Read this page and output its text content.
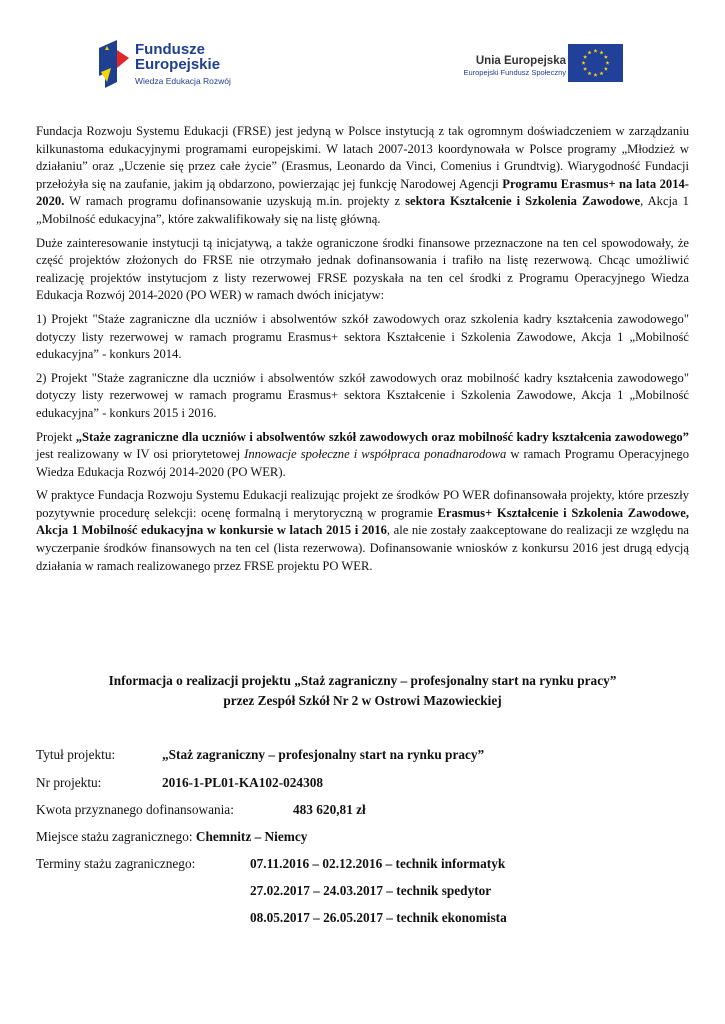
Fundusze
Europejskie
Wiedza Edukacja Rozwój
Unia Europejska
Europejski Fundusz Społeczny

Fundacja Rozwoju Systemu Edukacji (FRSE) jest jedyną w Polsce instytucją z tak ogromnym doświadczeniem w zarządzaniu kilkunastoma edukacyjnymi programami europejskimi. W latach 2007-2013 koordynowała w Polsce programy „Młodzież w działaniu” oraz „Uczenie się przez całe życie” (Erasmus, Leonardo da Vinci, Comenius i Grundtvig). Wiarygodność Fundacji przełożyła się na zaufanie, jakim ją obdarzono, powierzając jej funkcję Narodowej Agencji Programu Erasmus+ na lata 2014-2020. W ramach programu dofinansowanie uzyskują m.in. projekty z sektora Kształcenie i Szkolenia Zawodowe, Akcja 1 „Mobilność edukacyjna”, które zakwalifikowały się na listę główną.

Duże zainteresowanie instytucji tą inicjatywą, a także ograniczone środki finansowe przeznaczone na ten cel spowodowały, że część projektów złożonych do FRSE nie otrzymało jednak dofinansowania i trafiło na listę rezerwową. Chcąc umożliwić realizację projektów instytucjom z listy rezerwowej FRSE pozyskała na ten cel środki z Programu Operacyjnego Wiedza Edukacja Rozwój 2014-2020 (PO WER) w ramach dwóch inicjatyw:

1) Projekt "Staże zagraniczne dla uczniów i absolwentów szkół zawodowych oraz szkolenia kadry kształcenia zawodowego" dotyczy listy rezerwowej w ramach programu Erasmus+ sektora Kształcenie i Szkolenia Zawodowe, Akcja 1 „Mobilność edukacyjna” - konkurs 2014.

2) Projekt "Staże zagraniczne dla uczniów i absolwentów szkół zawodowych oraz mobilność kadry kształcenia zawodowego" dotyczy listy rezerwowej w ramach programu Erasmus+ sektora Kształcenie i Szkolenia Zawodowe, Akcja 1 „Mobilność edukacyjna” - konkurs 2015 i 2016.

Projekt „Staże zagraniczne dla uczniów i absolwentów szkół zawodowych oraz mobilność kadry kształcenia zawodowego” jest realizowany w IV osi priorytetowej Innowacje społeczne i współpraca ponadnarodowa w ramach Programu Operacyjnego Wiedza Edukacja Rozwój 2014-2020 (PO WER).

W praktyce Fundacja Rozwoju Systemu Edukacji realizując projekt ze środków PO WER dofinansowała projekty, które przeszły pozytywnie procedurę selekcji: ocenę formalną i merytoryczną w programie Erasmus+ Kształcenie i Szkolenia Zawodowe, Akcja 1 Mobilność edukacyjna w konkursie w latach 2015 i 2016, ale nie zostały zaakceptowane do realizacji ze względu na wyczerpanie środków finansowych na ten cel (lista rezerwowa). Dofinansowanie wniosków z konkursu 2016 jest drugą edycją działania w ramach realizowanego przez FRSE projektu PO WER.

Informacja o realizacji projektu „Staż zagraniczny – profesjonalny start na rynku pracy”
przez Zespół Szkół Nr 2 w Ostrowi Mazowieckiej
Tytuł projektu:	„Staż zagraniczny – profesjonalny start na rynku pracy”
Nr projektu:	2016-1-PL01-KA102-024308
Kwota przyznanego dofinansowania:	483 620,81 zł
Miejsce stażu zagranicznego: Chemnitz – Niemcy
Terminy stażu zagranicznego:	07.11.2016 – 02.12.2016 – technik informatyk
27.02.2017 – 24.03.2017 – technik spedytor
08.05.2017 – 26.05.2017 – technik ekonomista
